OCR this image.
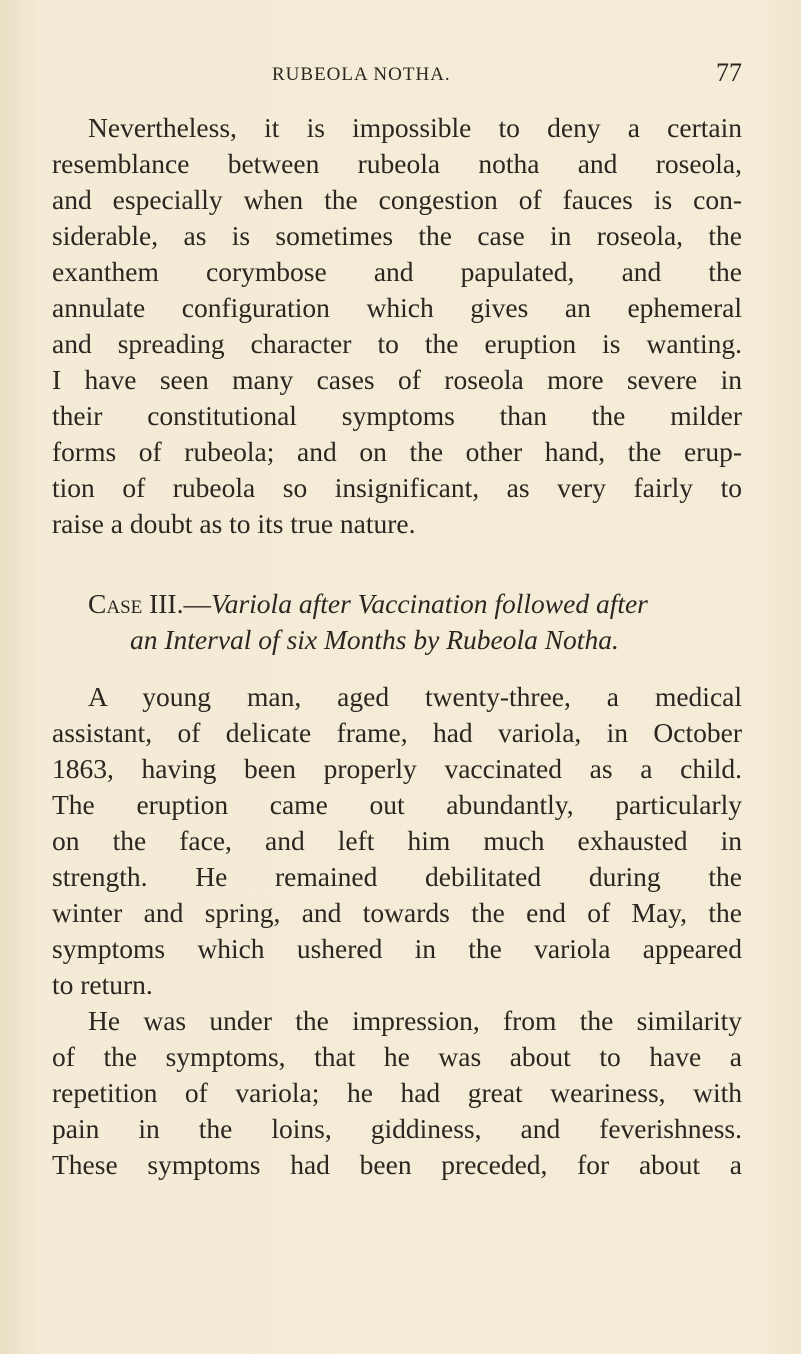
RUBEOLA NOTHA.	77
Nevertheless, it is impossible to deny a certain
resemblance between rubeola notha and roseola,
and especially when the congestion of fauces is con-
siderable, as is sometimes the case in roseola, the
exanthem corymbose and papulated, and the
annulate configuration which gives an ephemeral
and spreading character to the eruption is wanting.
I have seen many cases of roseola more severe in
their constitutional symptoms than the milder
forms of rubeola; and on the other hand, the erup-
tion of rubeola so insignificant, as very fairly to
raise a doubt as to its true nature.
Case III.—Variola after Vaccination followed after
an Interval of six Months by Rubeola Notha.
A young man, aged twenty-three, a medical
assistant, of delicate frame, had variola, in October
1863, having been properly vaccinated as a child.
The eruption came out abundantly, particularly
on the face, and left him much exhausted in
strength. He remained debilitated during the
winter and spring, and towards the end of May, the
symptoms which ushered in the variola appeared
to return.
He was under the impression, from the similarity
of the symptoms, that he was about to have a
repetition of variola; he had great weariness, with
pain in the loins, giddiness, and feverishness.
These symptoms had been preceded, for about a
